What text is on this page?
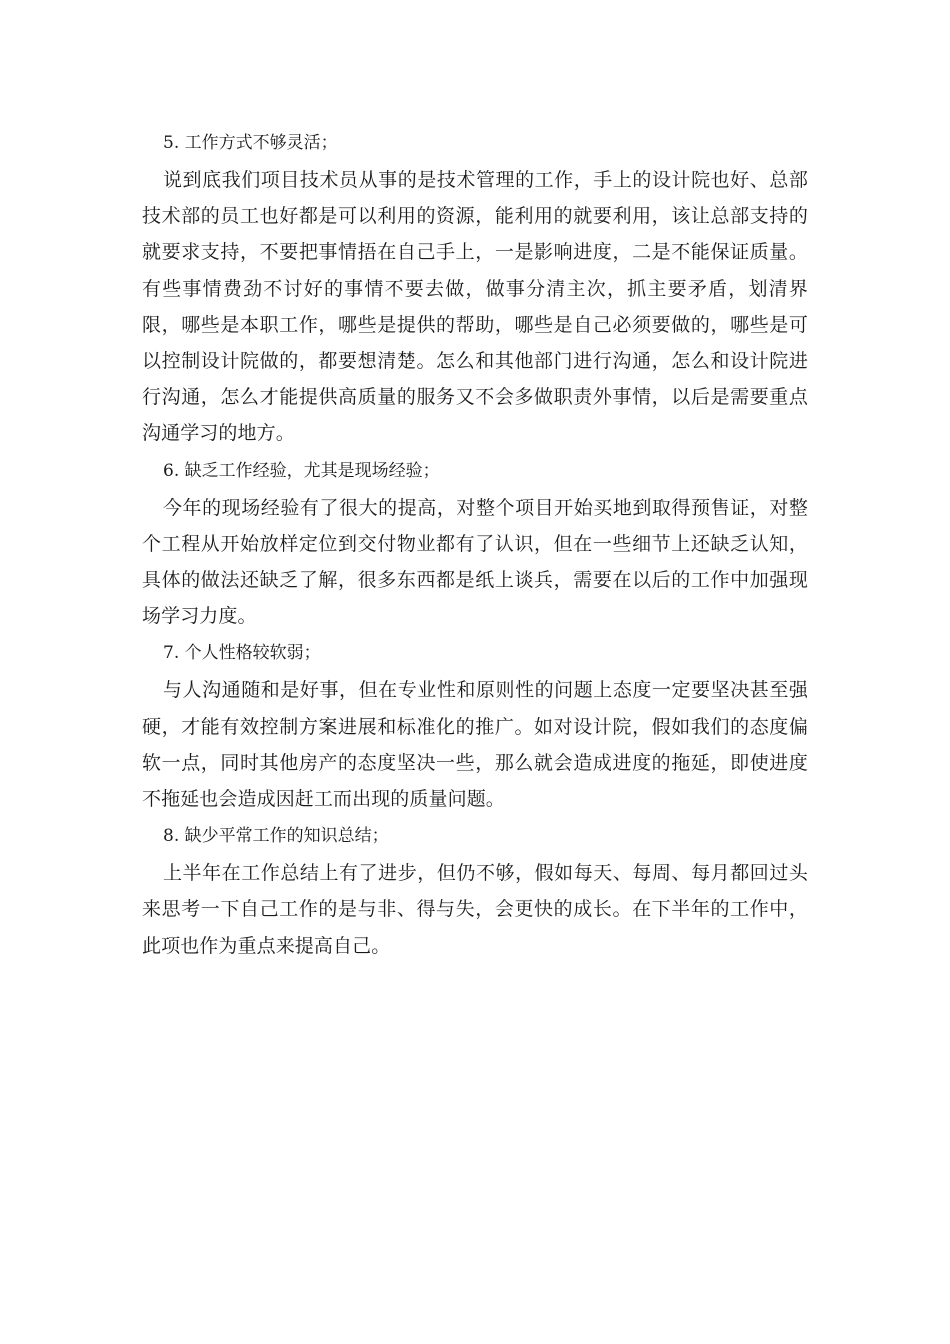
5. 工作方式不够灵活；

说到底我们项目技术员从事的是技术管理的工作，手上的设计院也好、总部技术部的员工也好都是可以利用的资源，能利用的就要利用，该让总部支持的就要求支持，不要把事情捂在自己手上，一是影响进度，二是不能保证质量。有些事情费劲不讨好的事情不要去做，做事分清主次，抓主要矛盾，划清界限，哪些是本职工作，哪些是提供的帮助，哪些是自己必须要做的，哪些是可以控制设计院做的，都要想清楚。怎么和其他部门进行沟通，怎么和设计院进行沟通，怎么才能提供高质量的服务又不会多做职责外事情，以后是需要重点沟通学习的地方。

6. 缺乏工作经验，尤其是现场经验；

今年的现场经验有了很大的提高，对整个项目开始买地到取得预售证，对整个工程从开始放样定位到交付物业都有了认识，但在一些细节上还缺乏认知，具体的做法还缺乏了解，很多东西都是纸上谈兵，需要在以后的工作中加强现场学习力度。

7. 个人性格较软弱；

与人沟通随和是好事，但在专业性和原则性的问题上态度一定要坚决甚至强硬，才能有效控制方案进展和标准化的推广。如对设计院，假如我们的态度偏软一点，同时其他房产的态度坚决一些，那么就会造成进度的拖延，即使进度不拖延也会造成因赶工而出现的质量问题。

8. 缺少平常工作的知识总结；

上半年在工作总结上有了进步，但仍不够，假如每天、每周、每月都回过头来思考一下自己工作的是与非、得与失，会更快的成长。在下半年的工作中，此项也作为重点来提高自己。
